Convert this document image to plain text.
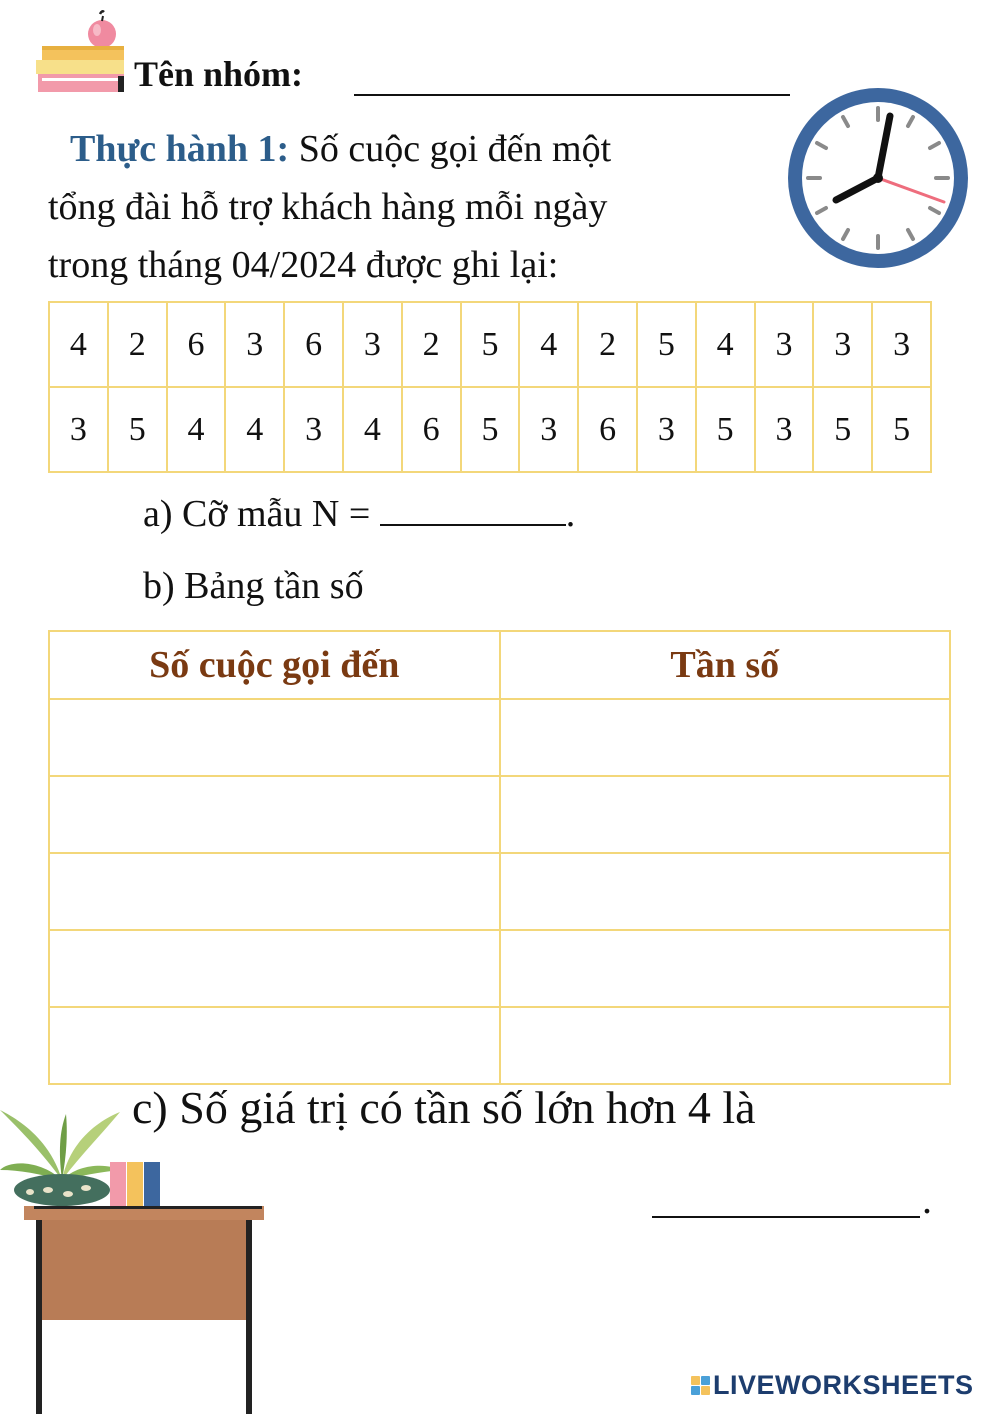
Tên nhóm:
Thực hành 1: Số cuộc gọi đến một
tổng đài hỗ trợ khách hàng mỗi ngày
trong tháng 04/2024 được ghi lại:
4	2	6	3	6	3	2	5	4	2	5	4	3	3	3
3	5	4	4	3	4	6	5	3	6	3	5	3	5	5
a) Cỡ mẫu N =	.
b) Bảng tần số
Số cuộc gọi đến	Tần số

c) Số giá trị có tần số lớn hơn 4 là
.
LIVEWORKSHEETS
